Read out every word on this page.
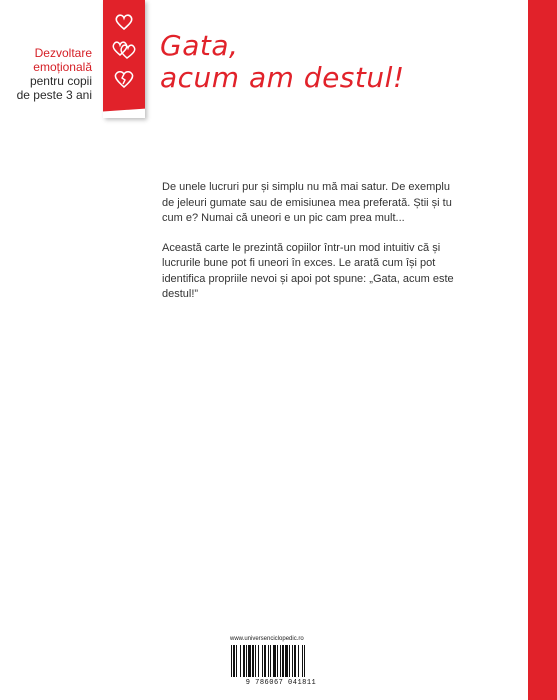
Dezvoltare
emoțională
pentru copii
de peste 3 ani
Gata,
acum am destul!

De unele lucruri pur și simplu nu mă mai satur. De exemplu de jeleuri gumate sau de emisiunea mea preferată. Știi și tu cum e? Numai că uneori e un pic cam prea mult...

Această carte le prezintă copiilor într-un mod intuitiv că și lucrurile bune pot fi uneori în exces. Le arată cum își pot identifica propriile nevoi și apoi pot spune: „Gata, acum este destul!”

www.universenciclopedic.ro
9 786067 041811
